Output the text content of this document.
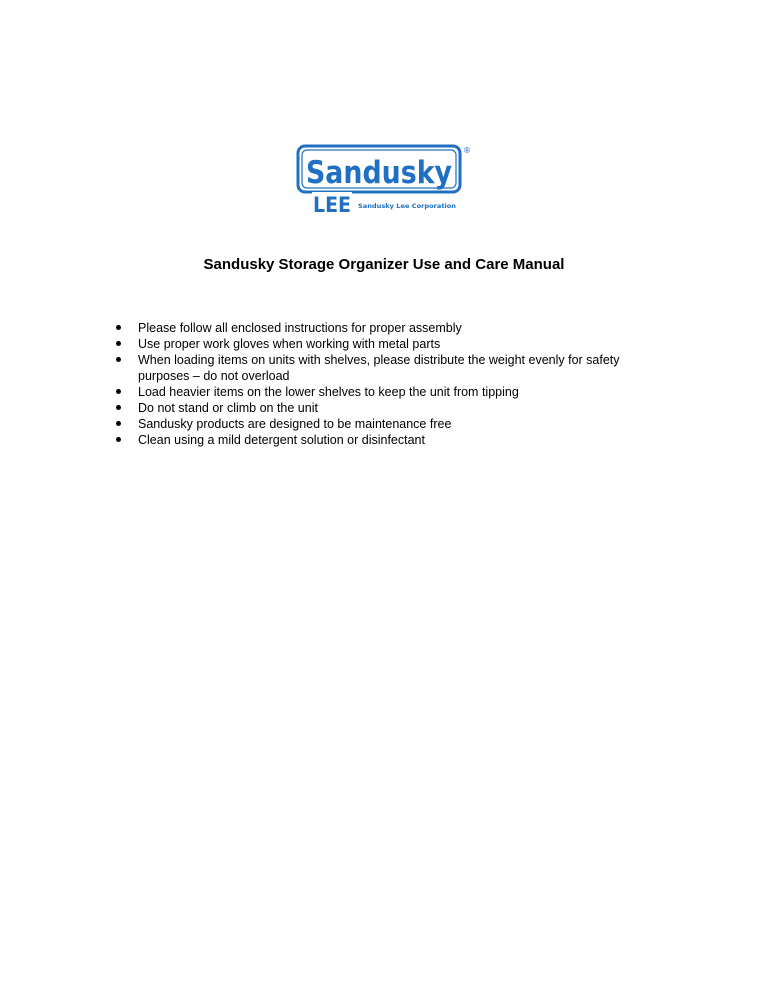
Sandusky
®
LEE Sandusky Lee Corporation
Sandusky Storage Organizer Use and Care Manual
Please follow all enclosed instructions for proper assembly
Use proper work gloves when working with metal parts
When loading items on units with shelves, please distribute the weight evenly for safety purposes – do not overload
Load heavier items on the lower shelves to keep the unit from tipping
Do not stand or climb on the unit
Sandusky products are designed to be maintenance free
Clean using a mild detergent solution or disinfectant
